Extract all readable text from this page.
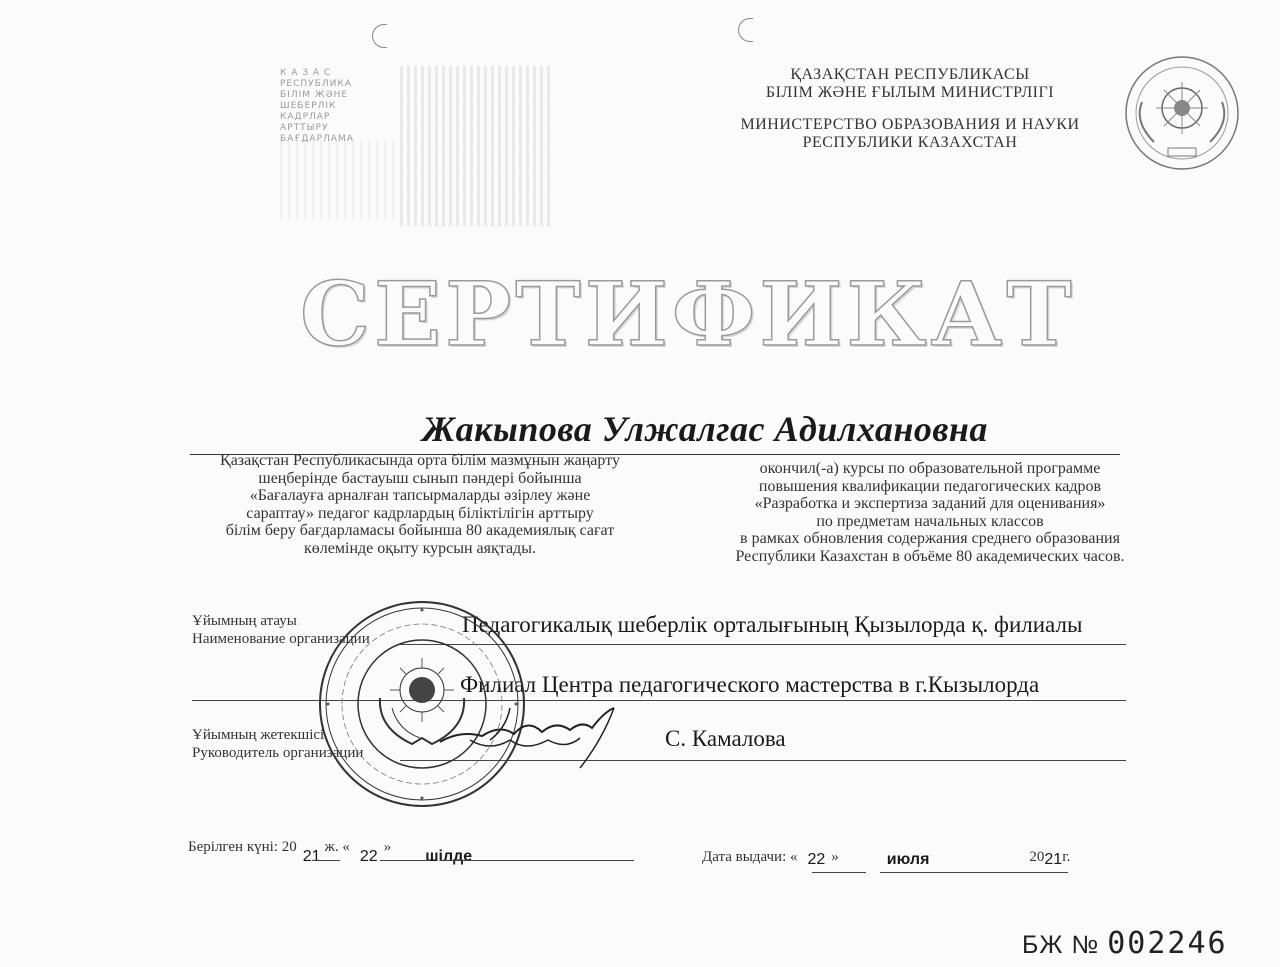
К А З А С
РЕСПУБЛИКА
БІЛІМ ЖӘНЕ
ШЕБЕРЛІК
КАДРЛАР
АРТТЫРУ
БАҒДАРЛАМА
ҚАЗАҚСТАН РЕСПУБЛИКАСЫ
БІЛІМ ЖӘНЕ ҒЫЛЫМ МИНИСТРЛІГІ
МИНИСТЕРСТВО ОБРАЗОВАНИЯ И НАУКИ
РЕСПУБЛИКИ КАЗАХСТАН
СЕРТИФИКАТ
Жакыпова Улжалгас Адилхановна
Қазақстан Республикасында орта білім мазмұнын жаңарту
шеңберінде бастауыш сынып пәндері бойынша
«Бағалауға арналған тапсырмаларды әзірлеу және
сараптау» педагог кадрлардың біліктілігін арттыру
білім беру бағдарламасы бойынша 80 академиялық сағат
көлемінде оқыту курсын аяқтады.
окончил(-а) курсы по образовательной программе
повышения квалификации педагогических кадров
«Разработка и экспертиза заданий для оценивания»
по предметам начальных классов
в рамках обновления содержания среднего образования
Республики Казахстан в объёме 80 академических часов.
Ұйымның атауы
Наименование организации
Педагогикалық шеберлік орталығының Қызылорда қ. филиалы
Филиал Центра педагогического мастерства в г.Кызылорда
Ұйымның жетекшісі
Руководитель организации
С. Камалова
Берілген күні: 2021ж. «22»шілде	Дата выдачи: « 22 »	июля	2021г.
БЖ № 002246
